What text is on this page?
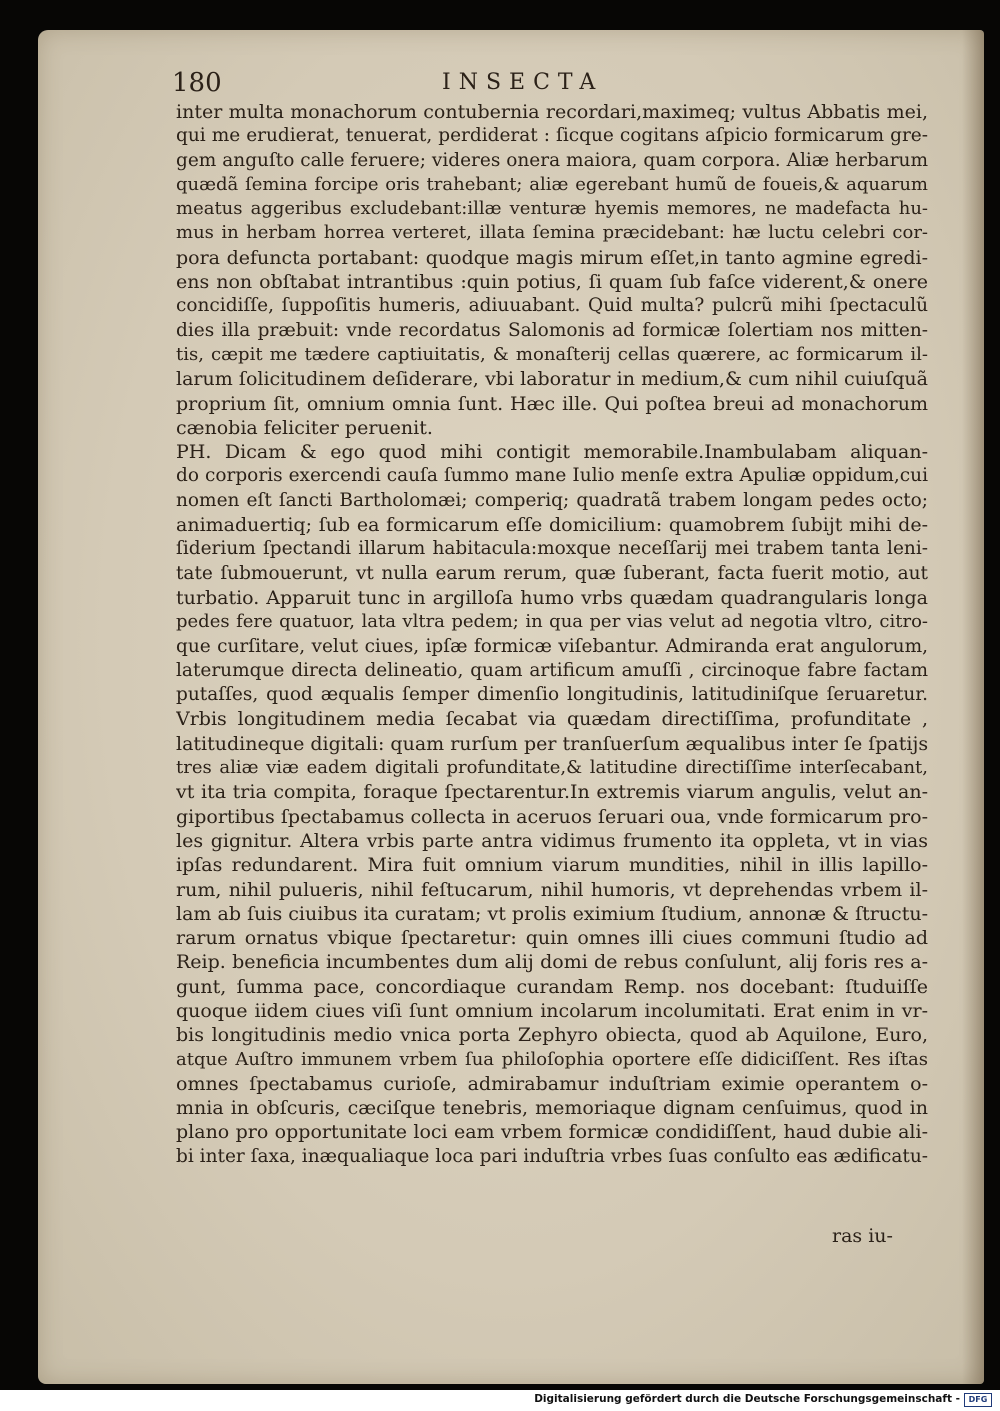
180	INSECTA
inter multa monachorum contubernia recordari,maximeq; vultus Abbatis mei,
qui me erudierat, tenuerat, perdiderat : ſicque cogitans aſpicio formicarum gre-
gem anguſto calle feruere; videres onera maiora, quam corpora. Aliæ herbarum
quædã ſemina forcipe oris trahebant; aliæ egerebant humũ de foueis,& aquarum
meatus aggeribus excludebant:illæ venturæ hyemis memores, ne madefacta hu-
mus in herbam horrea verteret, illata ſemina præcidebant: hæ luctu celebri cor-
pora defuncta portabant: quodque magis mirum eſſet,in tanto agmine egredi-
ens non obſtabat intrantibus :quin potius, ſi quam ſub faſce viderent,& onere
concidiſſe, ſuppoſitis humeris, adiuuabant. Quid multa? pulcrũ mihi ſpectaculũ
dies illa præbuit: vnde recordatus Salomonis ad formicæ ſolertiam nos mitten-
tis, cæpit me tædere captiuitatis, & monaſterij cellas quærere, ac formicarum il-
larum ſolicitudinem deſiderare, vbi laboratur in medium,& cum nihil cuiuſquã
proprium ſit, omnium omnia ſunt. Hæc ille. Qui poſtea breui ad monachorum
cænobia feliciter peruenit.
PH. Dicam & ego quod mihi contigit memorabile.Inambulabam aliquan-
do corporis exercendi cauſa ſummo mane Iulio menſe extra Apuliæ oppidum,cui
nomen eſt ſancti Bartholomæi; comperiq; quadratã trabem longam pedes octo;
animaduertiq; ſub ea formicarum eſſe domicilium: quamobrem ſubijt mihi de-
ſiderium ſpectandi illarum habitacula:moxque neceſſarij mei trabem tanta leni-
tate ſubmouerunt, vt nulla earum rerum, quæ ſuberant, facta fuerit motio, aut
turbatio. Apparuit tunc in argilloſa humo vrbs quædam quadrangularis longa
pedes fere quatuor, lata vltra pedem; in qua per vias velut ad negotia vltro, citro-
que curſitare, velut ciues, ipſæ formicæ viſebantur. Admiranda erat angulorum,
laterumque directa delineatio, quam artificum amuſſi , circinoque fabre factam
putaſſes, quod æqualis ſemper dimenſio longitudinis, latitudiniſque ſeruaretur.
Vrbis longitudinem media ſecabat via quædam directiſſima, profunditate ,
latitudineque digitali: quam rurſum per tranſuerſum æqualibus inter ſe ſpatijs
tres aliæ viæ eadem digitali profunditate,& latitudine directiſſime interſecabant,
vt ita tria compita, foraque ſpectarentur.In extremis viarum angulis, velut an-
giportibus ſpectabamus collecta in aceruos ſeruari oua, vnde formicarum pro-
les gignitur. Altera vrbis parte antra vidimus frumento ita oppleta, vt in vias
ipſas redundarent. Mira fuit omnium viarum mundities, nihil in illis lapillo-
rum, nihil pulueris, nihil feſtucarum, nihil humoris, vt deprehendas vrbem il-
lam ab ſuis ciuibus ita curatam; vt prolis eximium ſtudium, annonæ & ſtructu-
rarum ornatus vbique ſpectaretur: quin omnes illi ciues communi ſtudio ad
Reip. beneficia incumbentes dum alij domi de rebus conſulunt, alij foris res a-
gunt, ſumma pace, concordiaque curandam Remp. nos docebant: ſtuduiſſe
quoque iidem ciues viſi ſunt omnium incolarum incolumitati. Erat enim in vr-
bis longitudinis medio vnica porta Zephyro obiecta, quod ab Aquilone, Euro,
atque Auſtro immunem vrbem ſua philoſophia oportere eſſe didiciſſent. Res iſtas
omnes ſpectabamus curioſe, admirabamur induſtriam eximie operantem o-
mnia in obſcuris, cæciſque tenebris, memoriaque dignam cenſuimus, quod in
plano pro opportunitate loci eam vrbem formicæ condidiſſent, haud dubie ali-
bi inter ſaxa, inæqualiaque loca pari induſtria vrbes ſuas conſulto eas ædificatu-
ras iu-
Digitalisierung gefördert durch die Deutsche Forschungsgemeinschaft -	DFG
